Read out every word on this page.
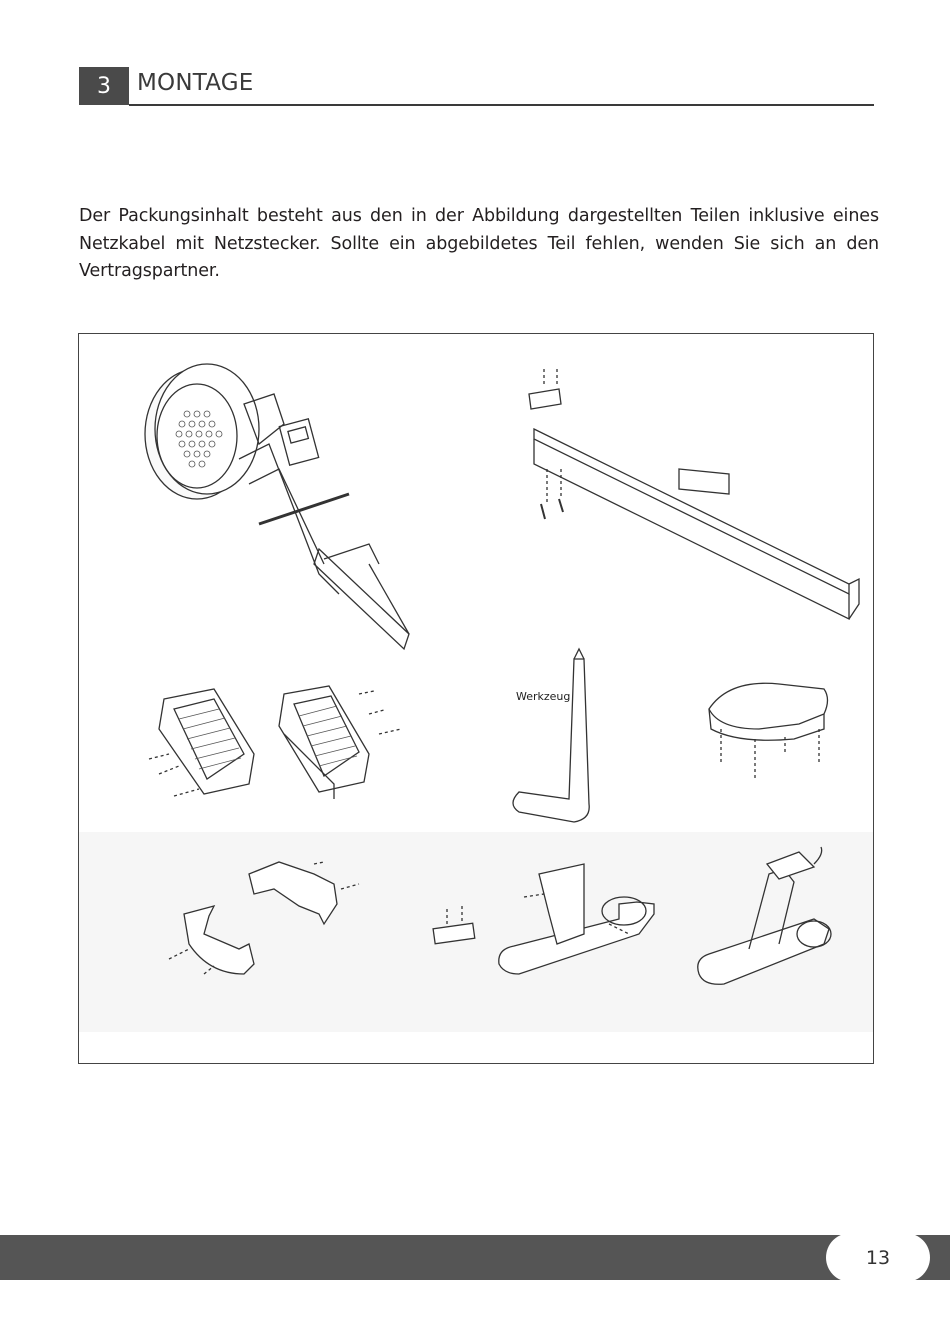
3	MONTAGE

Der Packungsinhalt besteht aus den in der Abbildung dargestellten Teilen inklusive eines Netzkabel mit Netzstecker. Sollte ein abgebildetes Teil fehlen, wenden Sie sich an den Vertragspartner.

Werkzeug
13
